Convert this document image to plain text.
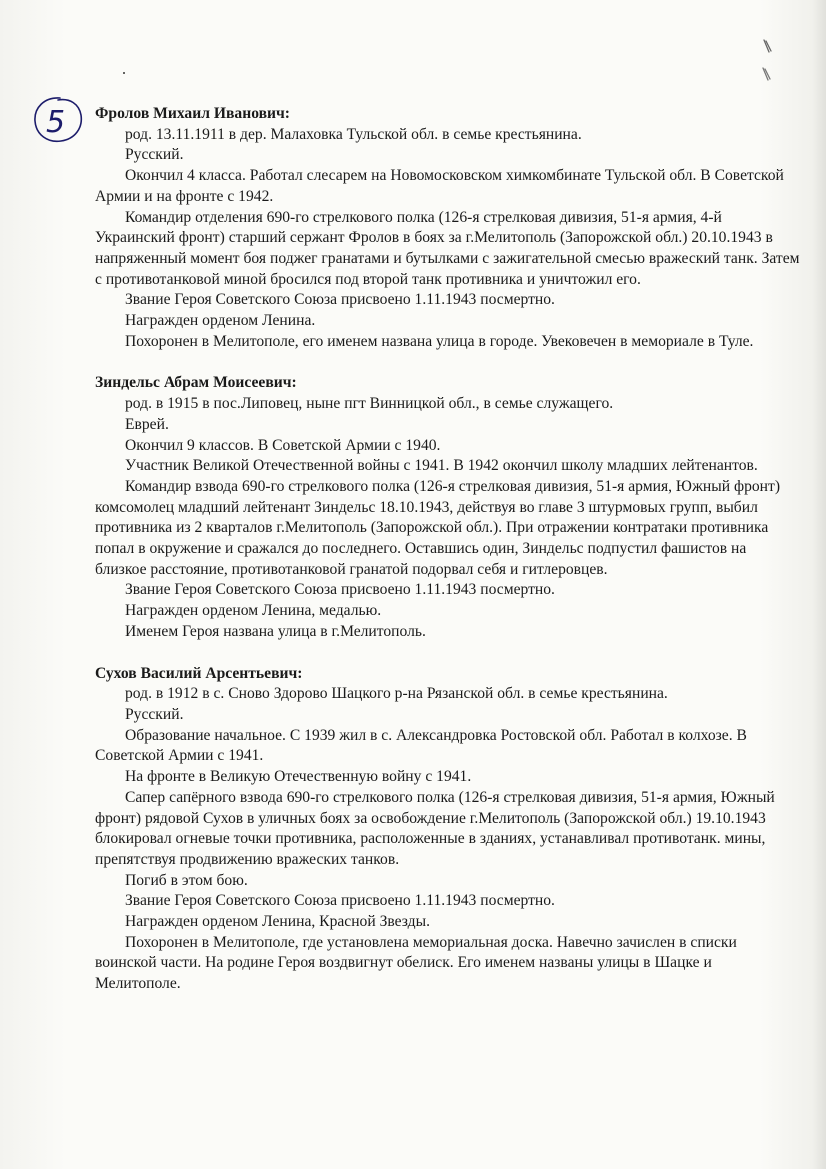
5 Фролов Михаил Иванович:

род. 13.11.1911 в дер. Малаховка Тульской обл. в семье крестьянина.

Русский.

Окончил 4 класса. Работал слесарем на Новомосковском химкомбинате Тульской обл. В Советской Армии и на фронте с 1942.

Командир отделения 690-го стрелкового полка (126-я стрелковая дивизия, 51-я армия, 4-й Украинский фронт) старший сержант Фролов в боях за г.Мелитополь (Запорожской обл.) 20.10.1943 в напряженный момент боя поджег гранатами и бутылками с зажигательной смесью вражеский танк. Затем с противотанковой миной бросился под второй танк противника и уничтожил его.

Звание Героя Советского Союза присвоено 1.11.1943 посмертно.

Награжден орденом Ленина.

Похоронен в Мелитополе, его именем названа улица в городе. Увековечен в мемориале в Туле.

Зиндельс Абрам Моисеевич:

род. в 1915 в пос.Липовец, ныне пгт Винницкой обл., в семье служащего.

Еврей.

Окончил 9 классов. В Советской Армии с 1940.

Участник Великой Отечественной войны с 1941. В 1942 окончил школу младших лейтенантов.

Командир взвода 690-го стрелкового полка (126-я стрелковая дивизия, 51-я армия, Южный фронт) комсомолец младший лейтенант Зиндельс 18.10.1943, действуя во главе 3 штурмовых групп, выбил противника из 2 кварталов г.Мелитополь (Запорожской обл.). При отражении контратаки противника попал в окружение и сражался до последнего. Оставшись один, Зиндельс подпустил фашистов на близкое расстояние, противотанковой гранатой подорвал себя и гитлеровцев.

Звание Героя Советского Союза присвоено 1.11.1943 посмертно.

Награжден орденом Ленина, медалью.

Именем Героя названа улица в г.Мелитополь.

Сухов Василий Арсентьевич:

род. в 1912 в с. Сново Здорово Шацкого р-на Рязанской обл. в семье крестьянина.

Русский.

Образование начальное. С 1939 жил в с. Александровка Ростовской обл. Работал в колхозе. В Советской Армии с 1941.

На фронте в Великую Отечественную войну с 1941.

Сапер сапёрного взвода 690-го стрелкового полка (126-я стрелковая дивизия, 51-я армия, Южный фронт) рядовой Сухов в уличных боях за освобождение г.Мелитополь (Запорожской обл.) 19.10.1943 блокировал огневые точки противника, расположенные в зданиях, устанавливал противотанк. мины, препятствуя продвижению вражеских танков.

Погиб в этом бою.

Звание Героя Советского Союза присвоено 1.11.1943 посмертно.

Награжден орденом Ленина, Красной Звезды.

Похоронен в Мелитополе, где установлена мемориальная доска. Навечно зачислен в списки воинской части. На родине Героя воздвигнут обелиск. Его именем названы улицы в Шацке и Мелитополе.
